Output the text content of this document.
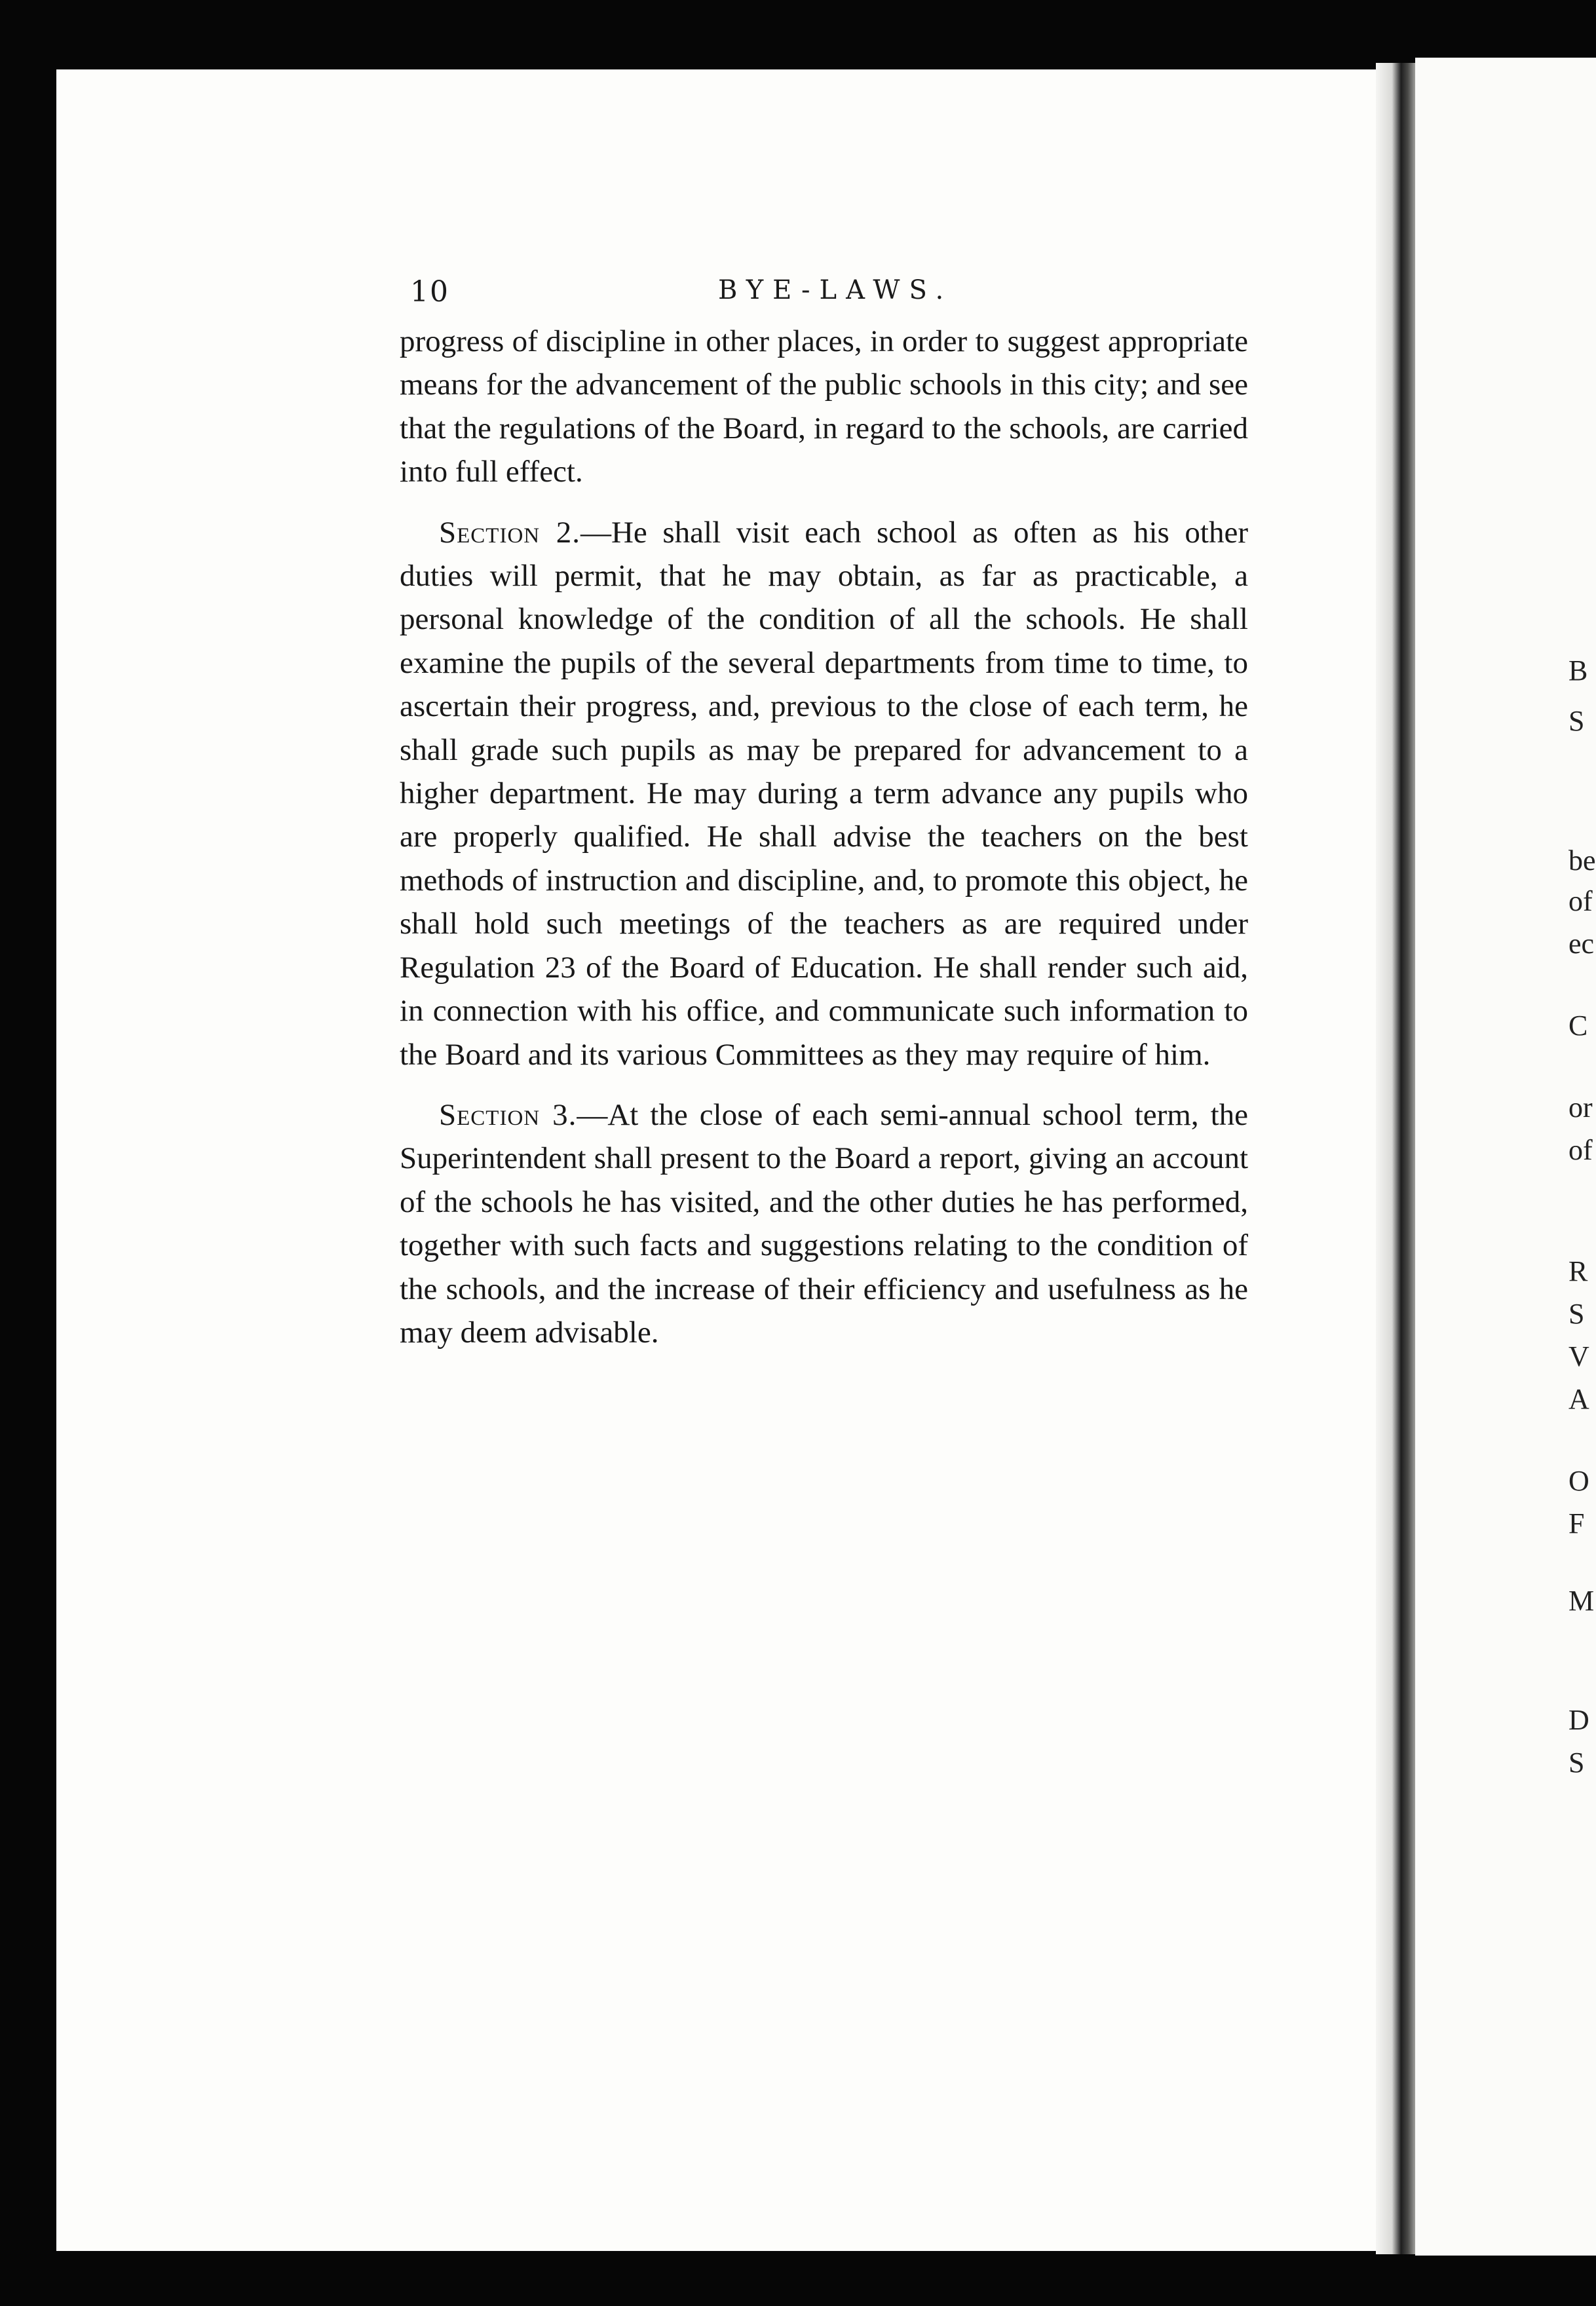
10	BYE-LAWS.

progress of discipline in other places, in order to suggest appropriate means for the advancement of the public schools in this city; and see that the regulations of the Board, in regard to the schools, are carried into full effect.

Section 2.—He shall visit each school as often as his other duties will permit, that he may obtain, as far as practicable, a personal knowledge of the condition of all the schools. He shall examine the pupils of the several departments from time to time, to ascertain their progress, and, previous to the close of each term, he shall grade such pupils as may be prepared for advancement to a higher department. He may during a term advance any pupils who are properly qualified. He shall advise the teachers on the best methods of instruction and discipline, and, to promote this object, he shall hold such meetings of the teachers as are required under Regulation 23 of the Board of Education. He shall render such aid, in connection with his office, and communicate such information to the Board and its various Committees as they may require of him.

Section 3.—At the close of each semi-annual school term, the Superintendent shall present to the Board a report, giving an account of the schools he has visited, and the other duties he has performed, together with such facts and suggestions relating to the condition of the schools, and the increase of their efficiency and usefulness as he may deem advisable.

B
S
be
of
ec
C
or
of
R
S
V
A
O
F
M
D
S
